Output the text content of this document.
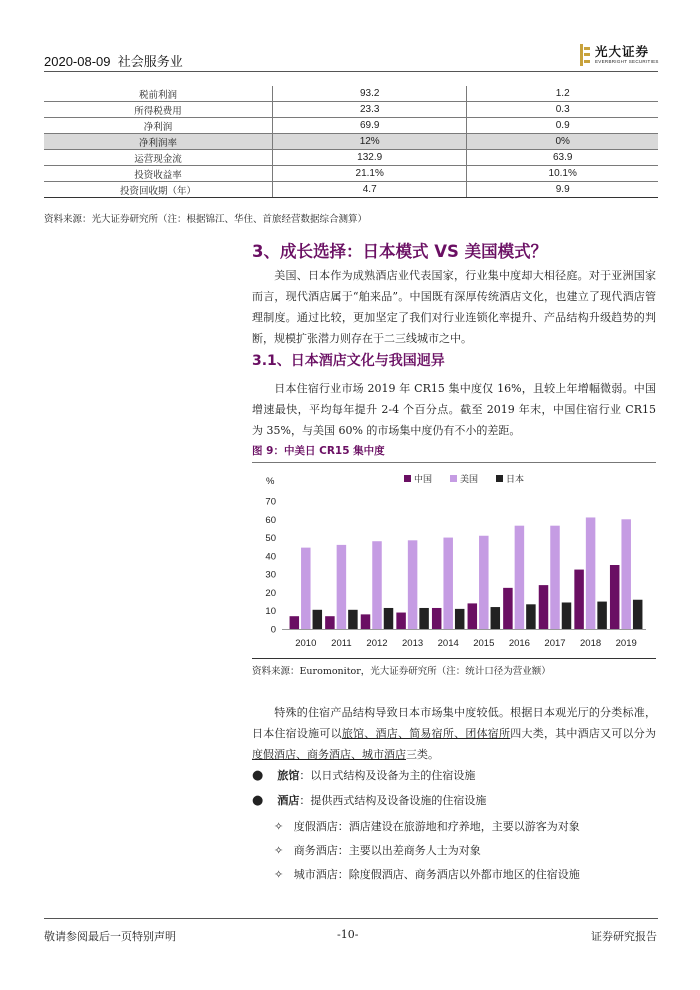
2020-08-09 社会服务业
光大证券
EVERBRIGHT SECURITIES
税前利润	93.2	1.2
所得税费用	23.3	0.3
净利润	69.9	0.9
净利润率	12%	0%
运营现金流	132.9	63.9
投资收益率	21.1%	10.1%
投资回收期（年）	4.7	9.9
资料来源：光大证券研究所（注：根据锦江、华住、首旅经营数据综合测算）
3、成长选择：日本模式 VS 美国模式？
美国、日本作为成熟酒店业代表国家，行业集中度却大相径庭。对于亚洲国家而言，现代酒店属于“舶来品”。中国既有深厚传统酒店文化，也建立了现代酒店管理制度。通过比较，更加坚定了我们对行业连锁化率提升、产品结构升级趋势的判断，规模扩张潜力则存在于二三线城市之中。
3.1、日本酒店文化与我国迥异
日本住宿行业市场 2019 年 CR15 集中度仅 16%，且较上年增幅微弱。中国增速最快，平均每年提升 2-4 个百分点。截至 2019 年末，中国住宿行业 CR15 为 35%，与美国 60% 的市场集中度仍有不小的差距。
图 9：中美日 CR15 集中度
0
10
20
30
40
50
60
70
%
2010 2011 2012 2013 2014 2015 2016 2017 2018 2019
中国	美国	日本
资料来源：Euromonitor，光大证券研究所（注：统计口径为营业额）
特殊的住宿产品结构导致日本市场集中度较低。根据日本观光厅的分类标准，日本住宿设施可以旅馆、酒店、简易宿所、团体宿所四大类，其中酒店又可以分为度假酒店、商务酒店、城市酒店三类。
● 旅馆：以日式结构及设备为主的住宿设施
● 酒店：提供西式结构及设备设施的住宿设施
✧ 度假酒店：酒店建设在旅游地和疗养地，主要以游客为对象
✧ 商务酒店：主要以出差商务人士为对象
✧ 城市酒店：除度假酒店、商务酒店以外都市地区的住宿设施
敬请参阅最后一页特别声明	-10-	证券研究报告
